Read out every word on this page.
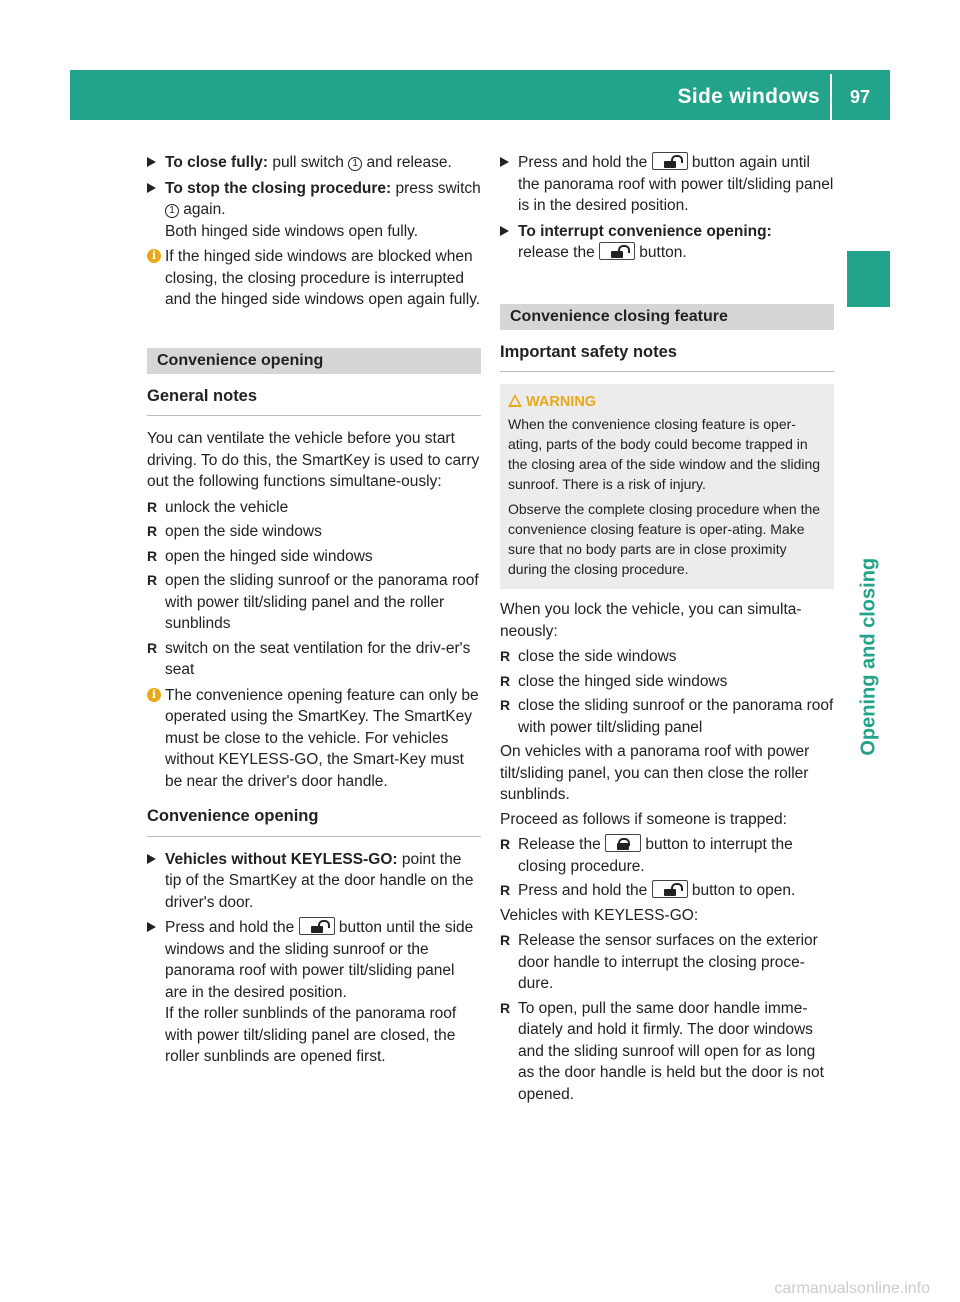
Side windows	97
Opening and closing

To close fully: pull switch 1 and release.

To stop the closing procedure: press switch 1 again.
Both hinged side windows open fully.

i If the hinged side windows are blocked when closing, the closing procedure is interrupted and the hinged side windows open again fully.

Convenience opening
General notes

You can ventilate the vehicle before you start driving. To do this, the SmartKey is used to carry out the following functions simultane-ously:

R unlock the vehicle

R open the side windows

R open the hinged side windows

R open the sliding sunroof or the panorama roof with power tilt/sliding panel and the roller sunblinds

R switch on the seat ventilation for the driv-er's seat

i The convenience opening feature can only be operated using the SmartKey. The SmartKey must be close to the vehicle. For vehicles without KEYLESS-GO, the Smart-Key must be near the driver's door handle.

Convenience opening

Vehicles without KEYLESS-GO: point the tip of the SmartKey at the door handle on the driver's door.

Press and hold the  button until the side windows and the sliding sunroof or the panorama roof with power tilt/sliding panel are in the desired position.
If the roller sunblinds of the panorama roof with power tilt/sliding panel are closed, the roller sunblinds are opened first.

Press and hold the  button again until the panorama roof with power tilt/sliding panel is in the desired position.

To interrupt convenience opening:
release the  button.

Convenience closing feature
Important safety notes
WARNING

When the convenience closing feature is oper-ating, parts of the body could become trapped in the closing area of the side window and the sliding sunroof. There is a risk of injury.

Observe the complete closing procedure when the convenience closing feature is oper-ating. Make sure that no body parts are in close proximity during the closing procedure.

When you lock the vehicle, you can simulta-neously:

R close the side windows

R close the hinged side windows

R close the sliding sunroof or the panorama roof with power tilt/sliding panel

On vehicles with a panorama roof with power tilt/sliding panel, you can then close the roller sunblinds.

Proceed as follows if someone is trapped:

R Release the  button to interrupt the closing procedure.

R Press and hold the  button to open.

Vehicles with KEYLESS-GO:

R Release the sensor surfaces on the exterior door handle to interrupt the closing proce-dure.

R To open, pull the same door handle imme-diately and hold it firmly. The door windows and the sliding sunroof will open for as long as the door handle is held but the door is not opened.

carmanualsonline.info
